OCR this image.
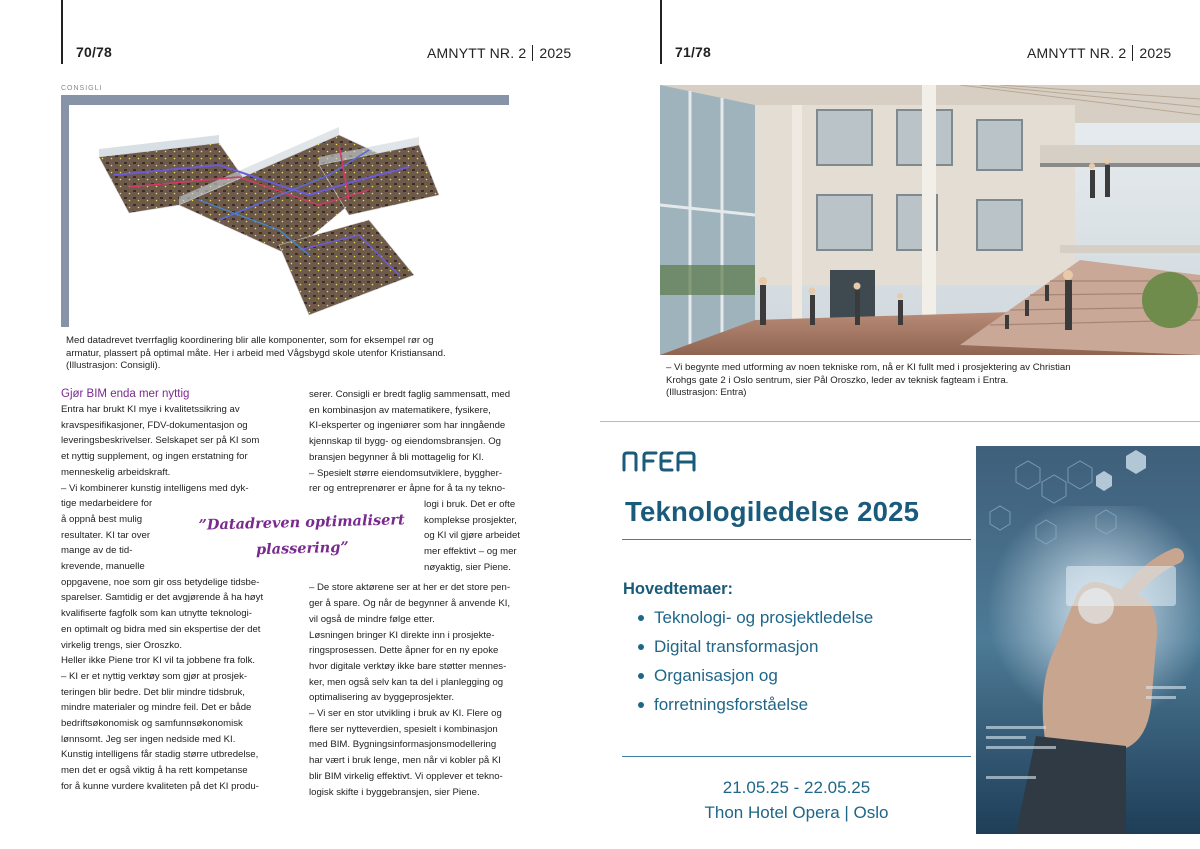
70/78	AMNYTT NR. 2 2025
CONSIGLI

Med datadrevet tverrfaglig koordinering blir alle komponenter, som for eksempel rør og

armatur, plassert på optimal måte. Her i arbeid med Vågsbygd skole utenfor Kristiansand.

(Illustrasjon: Consigli).

Gjør BIM enda mer nyttig

Entra har brukt KI mye i kvalitetssikring av

kravspesifikasjoner, FDV-dokumentasjon og

leveringsbeskrivelser. Selskapet ser på KI som

et nyttig supplement, og ingen erstatning for

menneskelig arbeidskraft.

– Vi kombinerer kunstig intelligens med dyk-

tige medarbeidere for

å oppnå best mulig

resultater. KI tar over

mange av de tid-

krevende, manuelle

oppgavene, noe som gir oss betydelige tidsbe-

sparelser. Samtidig er det avgjørende å ha høyt

kvalifiserte fagfolk som kan utnytte teknologi-

en optimalt og bidra med sin ekspertise der det

virkelig trengs, sier Oroszko.

Heller ikke Piene tror KI vil ta jobbene fra folk.

– KI er et nyttig verktøy som gjør at prosjek-

teringen blir bedre. Det blir mindre tidsbruk,

mindre materialer og mindre feil. Det er både

bedriftsøkonomisk og samfunnsøkonomisk

lønnsomt. Jeg ser ingen nedside med KI.

Kunstig intelligens får stadig større utbredelse,

men det er også viktig å ha rett kompetanse

for å kunne vurdere kvaliteten på det KI produ-

serer. Consigli er bredt faglig sammensatt, med

en kombinasjon av matematikere, fysikere,

KI-eksperter og ingeniører som har inngående

kjennskap til bygg- og eiendomsbransjen. Og

bransjen begynner å bli mottagelig for KI.

– Spesielt større eiendomsutviklere, byggher-

rer og entreprenører er åpne for å ta ny tekno-

logi i bruk. Det er ofte

komplekse prosjekter,

og KI vil gjøre arbeidet

mer effektivt – og mer

nøyaktig, sier Piene.

– De store aktørene ser at her er det store pen-

ger å spare. Og når de begynner å anvende KI,

vil også de mindre følge etter.

Løsningen bringer KI direkte inn i prosjekte-

ringsprosessen. Dette åpner for en ny epoke

hvor digitale verktøy ikke bare støtter mennes-

ker, men også selv kan ta del i planlegging og

optimalisering av byggeprosjekter.

– Vi ser en stor utvikling i bruk av KI. Flere og

flere ser nytteverdien, spesielt i kombinasjon

med BIM. Bygningsinformasjonsmodellering

har vært i bruk lenge, men når vi kobler på KI

blir BIM virkelig effektivt. Vi opplever et tekno-

logisk skifte i byggebransjen, sier Piene.

”Datadreven optimalisert

plassering”

71/78	AMNYTT NR. 2 2025

– Vi begynte med utforming av noen tekniske rom, nå er KI fullt med i prosjektering av Christian

Krohgs gate 2 i Oslo sentrum, sier Pål Oroszko, leder av teknisk fagteam i Entra.

(Illustrasjon: Entra)

Teknologiledelse 2025
Hovedtemaer:
Teknologi- og prosjektledelse
Digital transformasjon
Organisasjon og
forretningsforståelse
21.05.25 - 22.05.25
Thon Hotel Opera | Oslo
